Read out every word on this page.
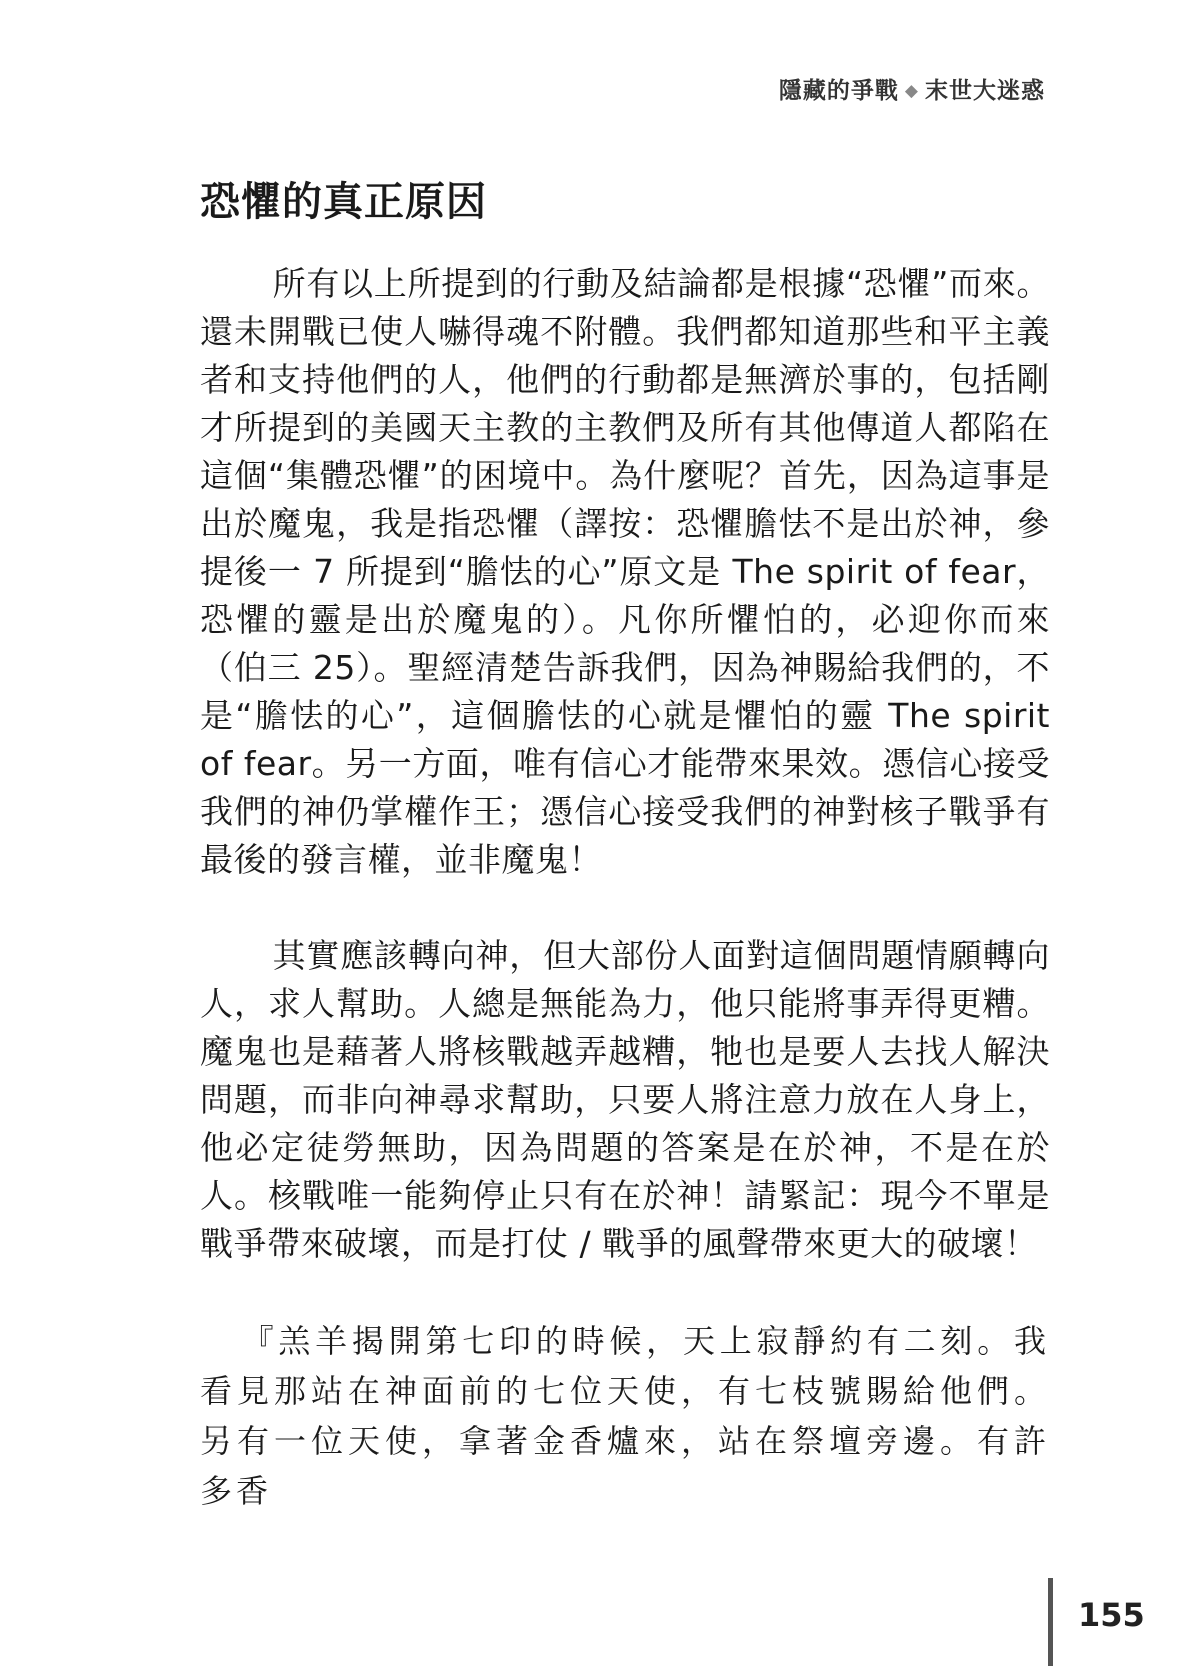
隱藏的爭戰 ◆ 末世大迷惑
恐懼的真正原因

所有以上所提到的行動及結論都是根據“恐懼”而來。還未開戰已使人嚇得魂不附體。我們都知道那些和平主義者和支持他們的人，他們的行動都是無濟於事的，包括剛才所提到的美國天主教的主教們及所有其他傳道人都陷在這個“集體恐懼”的困境中。為什麼呢？首先，因為這事是出於魔鬼，我是指恐懼（譯按：恐懼膽怯不是出於神，參提後一 7 所提到“膽怯的心”原文是 The spirit of fear，恐懼的靈是出於魔鬼的）。凡你所懼怕的，必迎你而來（伯三 25）。聖經清楚告訴我們，因為神賜給我們的，不是“膽怯的心”，這個膽怯的心就是懼怕的靈 The spirit of fear。另一方面，唯有信心才能帶來果效。憑信心接受我們的神仍掌權作王；憑信心接受我們的神對核子戰爭有最後的發言權，並非魔鬼！

其實應該轉向神，但大部份人面對這個問題情願轉向人，求人幫助。人總是無能為力，他只能將事弄得更糟。魔鬼也是藉著人將核戰越弄越糟，牠也是要人去找人解決問題，而非向神尋求幫助，只要人將注意力放在人身上，他必定徒勞無助，因為問題的答案是在於神，不是在於人。核戰唯一能夠停止只有在於神！請緊記：現今不單是戰爭帶來破壞，而是打仗 / 戰爭的風聲帶來更大的破壞！

『羔羊揭開第七印的時候，天上寂靜約有二刻。我看見那站在神面前的七位天使，有七枝號賜給他們。另有一位天使，拿著金香爐來，站在祭壇旁邊。有許多香

155
